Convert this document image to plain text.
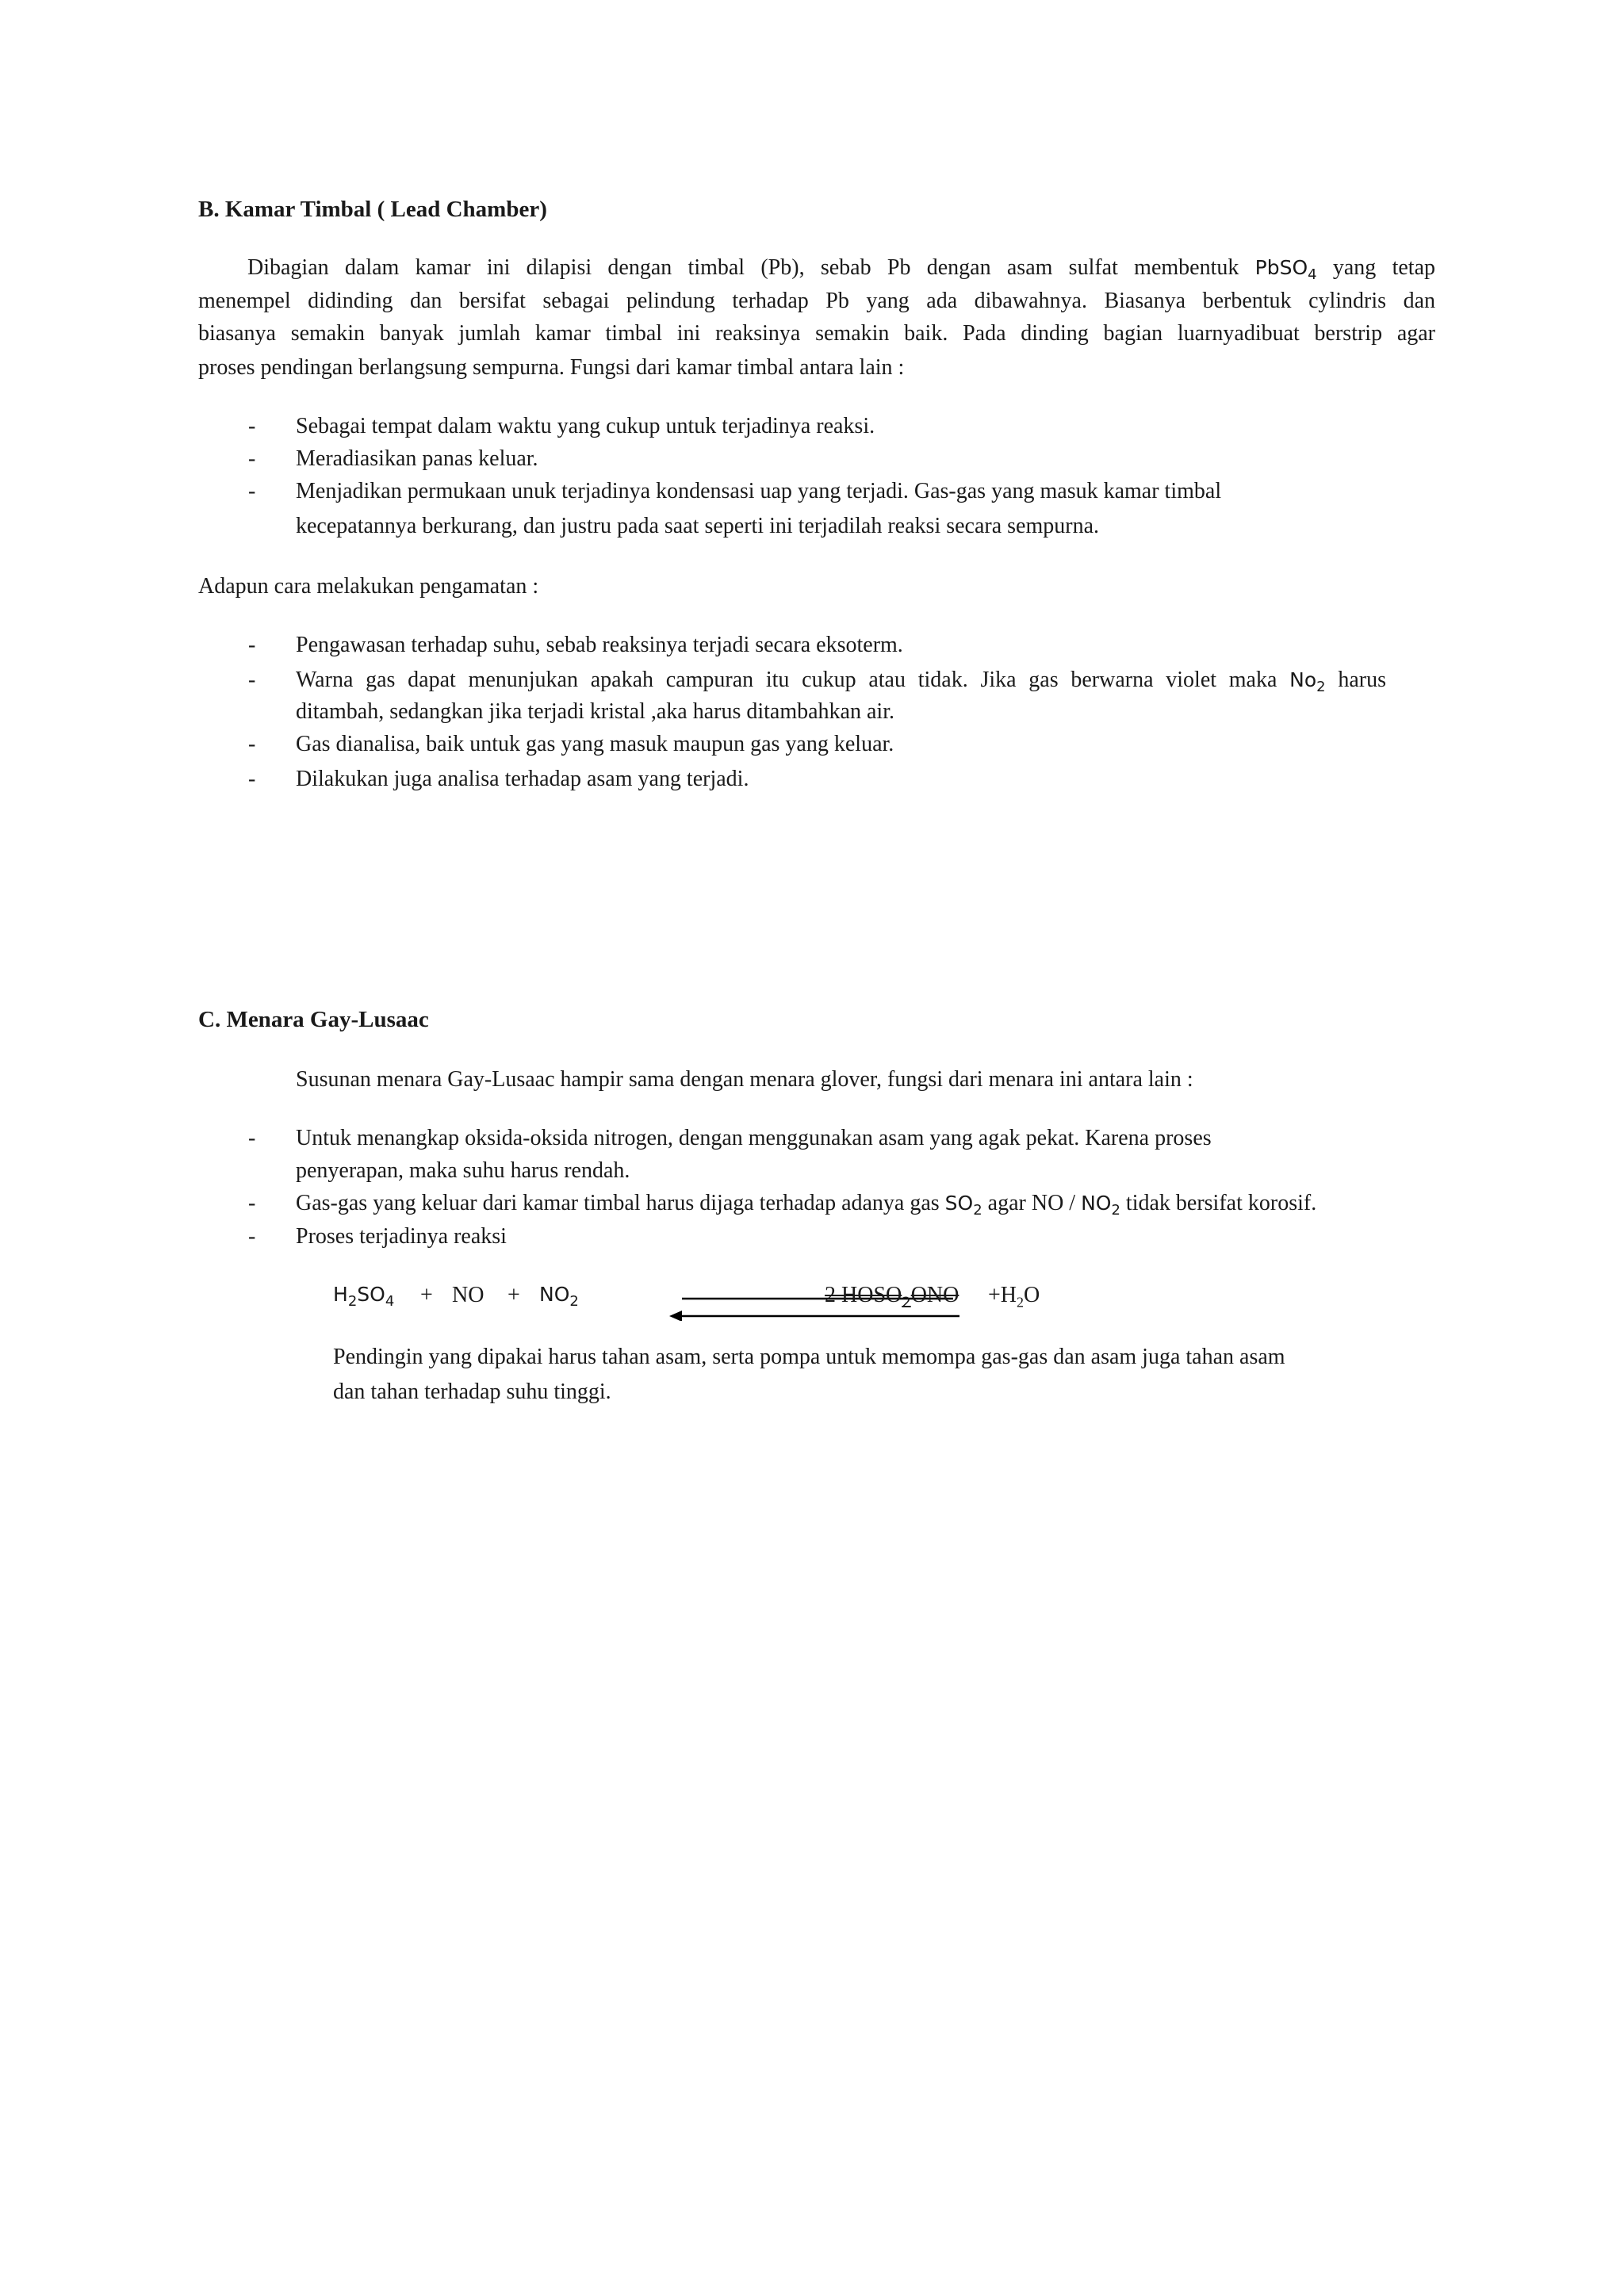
B. Kamar Timbal ( Lead Chamber)
Dibagian dalam kamar ini dilapisi dengan timbal (Pb), sebab Pb dengan asam sulfat membentuk PbSO$_4$ yang tetap
menempel didinding dan bersifat sebagai pelindung terhadap Pb yang ada dibawahnya. Biasanya berbentuk cylindris dan
biasanya semakin banyak jumlah kamar timbal ini reaksinya semakin baik. Pada dinding bagian luarnyadibuat berstrip agar
proses pendingan berlangsung sempurna. Fungsi dari kamar timbal antara lain :
- Sebagai tempat dalam waktu yang cukup untuk terjadinya reaksi.
- Meradiasikan panas keluar.
- Menjadikan permukaan unuk terjadinya kondensasi uap yang terjadi. Gas-gas yang masuk kamar timbal
kecepatannya berkurang, dan justru pada saat seperti ini terjadilah reaksi secara sempurna.
Adapun cara melakukan pengamatan :
- Pengawasan terhadap suhu, sebab reaksinya terjadi secara eksoterm.
- Warna gas dapat menunjukan apakah campuran itu cukup atau tidak. Jika gas berwarna violet maka $No_2$ harus
ditambah, sedangkan jika terjadi kristal ,aka harus ditambahkan air.
- Gas dianalisa, baik untuk gas yang masuk maupun gas yang keluar.
- Dilakukan juga analisa terhadap asam yang terjadi.
C. Menara Gay-Lusaac
Susunan menara Gay-Lusaac hampir sama dengan menara glover, fungsi dari menara ini antara lain :
- Untuk menangkap oksida-oksida nitrogen, dengan menggunakan asam yang agak pekat. Karena proses
penyerapan, maka suhu harus rendah.
- Gas-gas yang keluar dari kamar timbal harus dijaga terhadap adanya gas $SO_2$ agar NO / $NO_2$ tidak bersifat korosif.
- Proses terjadinya reaksi
$H_2SO_4$ + NO + $NO_2$	2 $HOSO_2ONO +H_2O$
Pendingin yang dipakai harus tahan asam, serta pompa untuk memompa gas-gas dan asam juga tahan asam
dan tahan terhadap suhu tinggi.
